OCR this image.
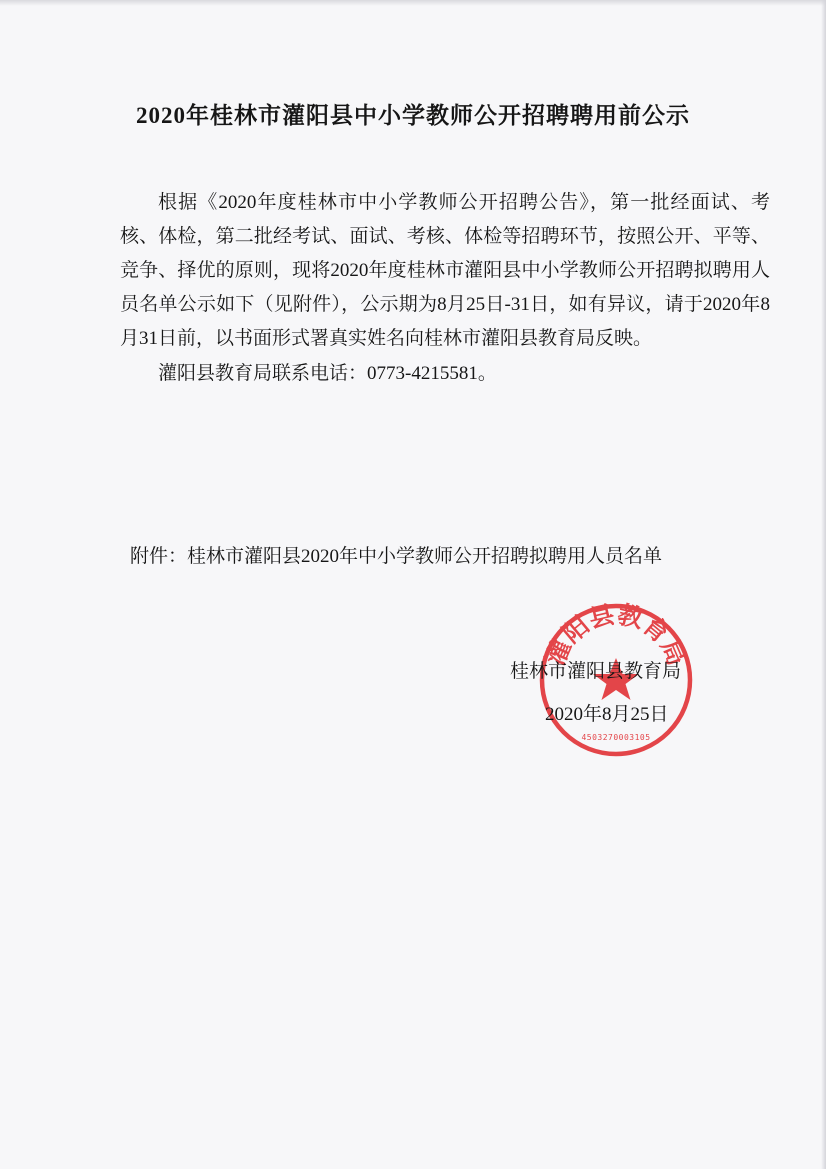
2020年桂林市灌阳县中小学教师公开招聘聘用前公示

根据《2020年度桂林市中小学教师公开招聘公告》，第一批经面试、考核、体检，第二批经考试、面试、考核、体检等招聘环节，按照公开、平等、竞争、择优的原则，现将2020年度桂林市灌阳县中小学教师公开招聘拟聘用人员名单公示如下（见附件），公示期为8月25日-31日，如有异议，请于2020年8月31日前，以书面形式署真实姓名向桂林市灌阳县教育局反映。

灌阳县教育局联系电话：0773-4215581。

附件：桂林市灌阳县2020年中小学教师公开招聘拟聘用人员名单
灌阳县教育局
4503270003105
桂林市灌阳县教育局
2020年8月25日
